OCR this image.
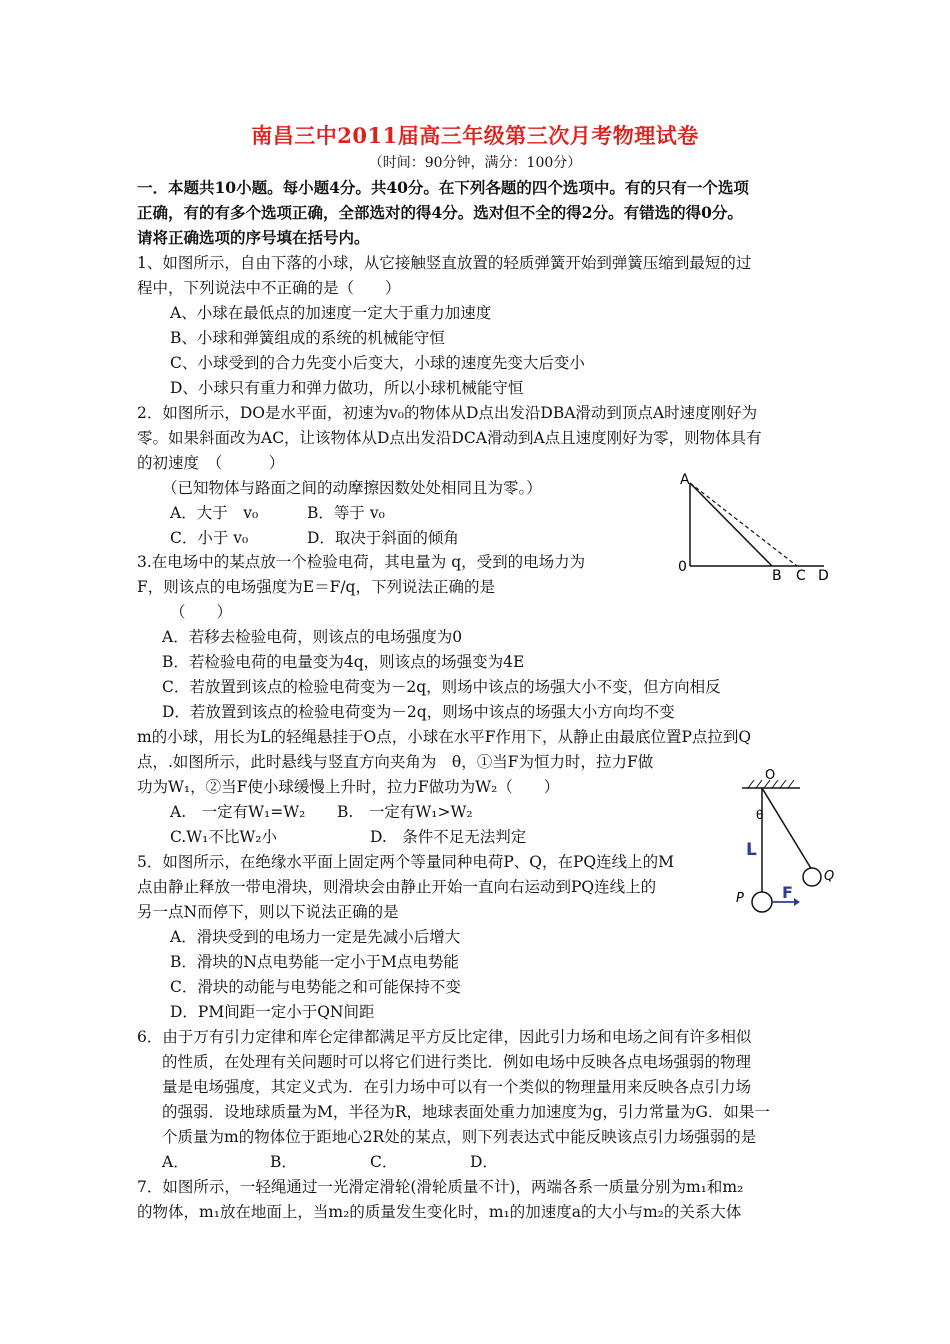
南昌三中2011届高三年级第三次月考物理试卷
（时间：90分钟，满分：100分）
一．本题共10小题。每小题4分。共40分。在下列各题的四个选项中。有的只有一个选项
正确，有的有多个选项正确，全部选对的得4分。选对但不全的得2分。有错选的得0分。
请将正确选项的序号填在括号内。
1、如图所示，自由下落的小球，从它接触竖直放置的轻质弹簧开始到弹簧压缩到最短的过
程中，下列说法中不正确的是（　　）
A、小球在最低点的加速度一定大于重力加速度
B、小球和弹簧组成的系统的机械能守恒
C、小球受到的合力先变小后变大，小球的速度先变大后变小
D、小球只有重力和弹力做功，所以小球机械能守恒
2．如图所示，DO是水平面，初速为v₀的物体从D点出发沿DBA滑动到顶点A时速度刚好为
零。如果斜面改为AC，让该物体从D点出发沿DCA滑动到A点且速度刚好为零，则物体具有
的初速度　（　　　）
（已知物体与路面之间的动摩擦因数处处相同且为零。）
A．大于　v₀	B．等于 v₀
C．小于 v₀	D．取决于斜面的倾角
A
0
B C D
3.在电场中的某点放一个检验电荷，其电量为 q，受到的电场力为
F，则该点的电场强度为E＝F/q，下列说法正确的是
（　　）
A．若移去检验电荷，则该点的电场强度为0
B．若检验电荷的电量变为4q，则该点的场强变为4E
C．若放置到该点的检验电荷变为－2q，则场中该点的场强大小不变，但方向相反
D．若放置到该点的检验电荷变为－2q，则场中该点的场强大小方向均不变
m的小球，用长为L的轻绳悬挂于O点，小球在水平F作用下，从静止由最底位置P点拉到Q
点，.如图所示，此时悬线与竖直方向夹角为　θ，①当F为恒力时，拉力F做
功为W₁，②当F使小球缓慢上升时，拉力F做功为W₂（　　）
A.　一定有W₁=W₂ B.　一定有W₁>W₂
C.W₁不比W₂小	D.　条件不足无法判定
O
θ
L
P
Q
F
5．如图所示，在绝缘水平面上固定两个等量同种电荷P、Q，在PQ连线上的M
点由静止释放一带电滑块，则滑块会由静止开始一直向右运动到PQ连线上的
另一点N而停下，则以下说法正确的是
A．滑块受到的电场力一定是先减小后增大
B．滑块的N点电势能一定小于M点电势能
C．滑块的动能与电势能之和可能保持不变
D．PM间距一定小于QN间距
6．由于万有引力定律和库仑定律都满足平方反比定律，因此引力场和电场之间有许多相似
的性质，在处理有关问题时可以将它们进行类比．例如电场中反映各点电场强弱的物理
量是电场强度，其定义式为．在引力场中可以有一个类似的物理量用来反映各点引力场
的强弱．设地球质量为M，半径为R，地球表面处重力加速度为g，引力常量为G．如果一
个质量为m的物体位于距地心2R处的某点，则下列表达式中能反映该点引力场强弱的是
A．	B．	C．	D．
7．如图所示，一轻绳通过一光滑定滑轮(滑轮质量不计)，两端各系一质量分别为m₁和m₂
的物体，m₁放在地面上，当m₂的质量发生变化时，m₁的加速度a的大小与m₂的关系大体
